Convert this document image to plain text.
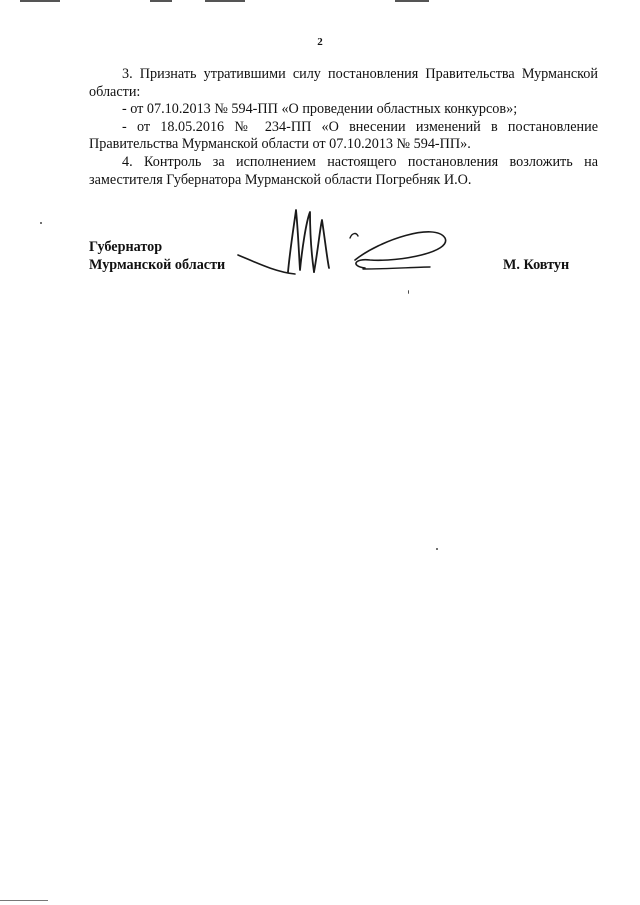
2

3. Признать утратившими силу постановления Правительства Мурманской области:

- от 07.10.2013 № 594-ПП «О проведении областных конкурсов»;

- от 18.05.2016 № 234-ПП «О внесении изменений в постановление Правительства Мурманской области от 07.10.2013 № 594-ПП».

4. Контроль за исполнением настоящего постановления возложить на заместителя Губернатора Мурманской области Погребняк И.О.

Губернатор
Мурманской области	М. Ковтун
